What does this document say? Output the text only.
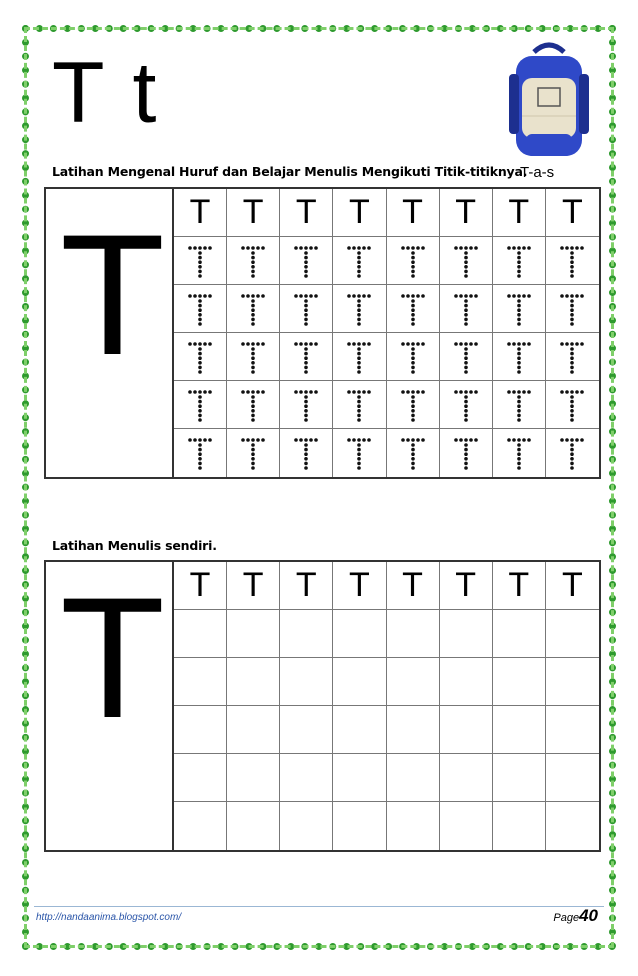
T t
T-a-s
Latihan Mengenal Huruf dan Belajar Menulis Mengikuti Titik-titiknya.
T T T T T T T T T
Latihan Menulis sendiri.
T T T T T T T T T
http://nandaanima.blogspot.com/	Page40
